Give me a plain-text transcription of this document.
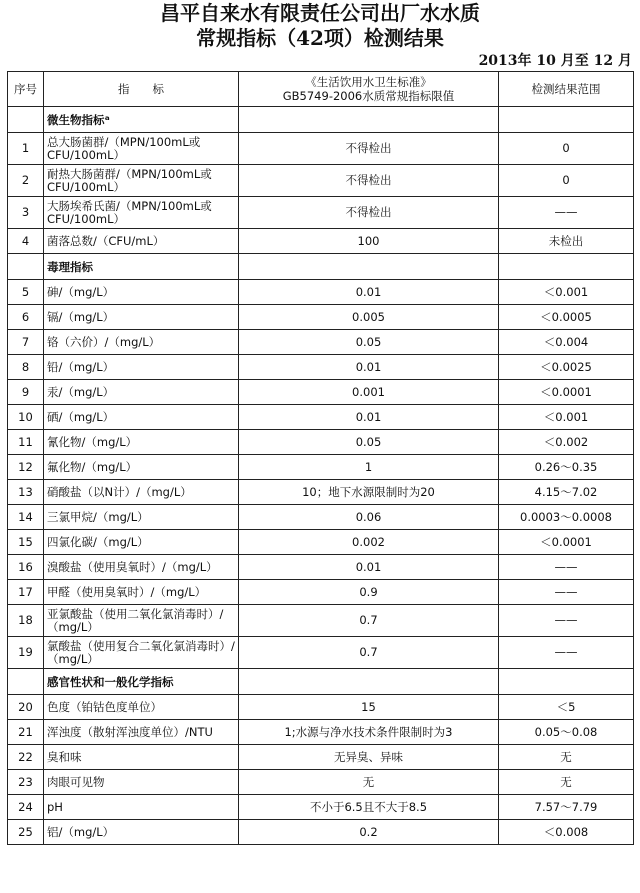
昌平自来水有限责任公司出厂水水质
常规指标（42项）检测结果
2013年 10 月至 12 月
序号	指　　标	《生活饮用水卫生标准》
GB5749-2006水质常规指标限值	检测结果范围
	微生物指标ᵃ		
1	总大肠菌群/（MPN/100mL或CFU/100mL）	不得检出	0
2	耐热大肠菌群/（MPN/100mL或CFU/100mL）	不得检出	0
3	大肠埃希氏菌/（MPN/100mL或CFU/100mL）	不得检出	——
4	菌落总数/（CFU/mL）	100	未检出
	毒理指标		
5	砷/（mg/L）	0.01	＜0.001
6	镉/（mg/L）	0.005	＜0.0005
7	铬（六价）/（mg/L）	0.05	＜0.004
8	铅/（mg/L）	0.01	＜0.0025
9	汞/（mg/L）	0.001	＜0.0001
10	硒/（mg/L）	0.01	＜0.001
11	氰化物/（mg/L）	0.05	＜0.002
12	氟化物/（mg/L）	1	0.26～0.35
13	硝酸盐（以N计）/（mg/L）	10；地下水源限制时为20	4.15～7.02
14	三氯甲烷/（mg/L）	0.06	0.0003～0.0008
15	四氯化碳/（mg/L）	0.002	＜0.0001
16	溴酸盐（使用臭氧时）/（mg/L）	0.01	——
17	甲醛（使用臭氧时）/（mg/L）	0.9	——
18	亚氯酸盐（使用二氧化氯消毒时）/（mg/L）	0.7	——
19	氯酸盐（使用复合二氧化氯消毒时）/（mg/L）	0.7	——
	感官性状和一般化学指标		
20	色度（铂钴色度单位）	15	＜5
21	浑浊度（散射浑浊度单位）/NTU	1;水源与净水技术条件限制时为3	0.05～0.08
22	臭和味	无异臭、异味	无
23	肉眼可见物	无	无
24	pH	不小于6.5且不大于8.5	7.57～7.79
25	铝/（mg/L）	0.2	＜0.008
